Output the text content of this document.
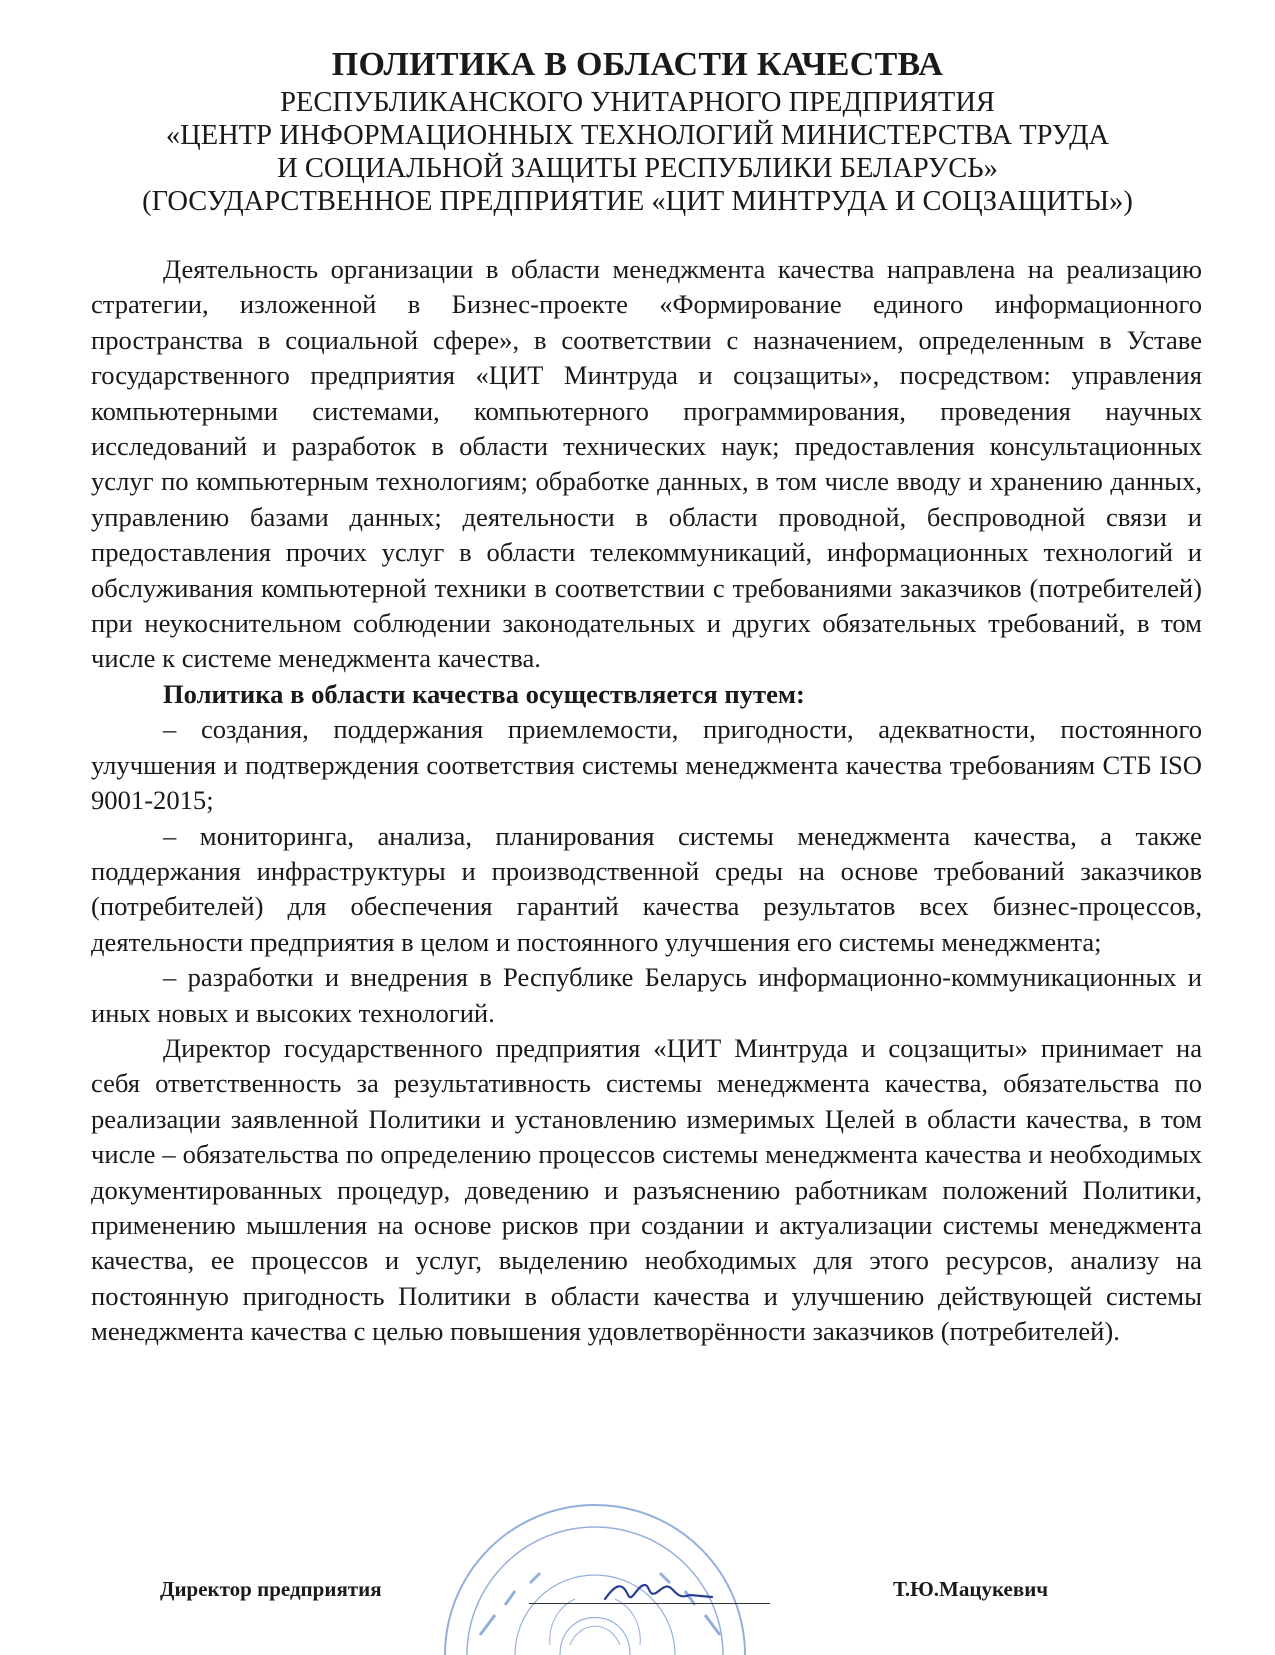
ПОЛИТИКА В ОБЛАСТИ КАЧЕСТВА
РЕСПУБЛИКАНСКОГО УНИТАРНОГО ПРЕДПРИЯТИЯ
«ЦЕНТР ИНФОРМАЦИОННЫХ ТЕХНОЛОГИЙ МИНИСТЕРСТВА ТРУДА
И СОЦИАЛЬНОЙ ЗАЩИТЫ РЕСПУБЛИКИ БЕЛАРУСЬ»
(ГОСУДАРСТВЕННОЕ ПРЕДПРИЯТИЕ «ЦИТ МИНТРУДА И СОЦЗАЩИТЫ»)

Деятельность организации в области менеджмента качества направлена на реализацию стратегии, изложенной в Бизнес-проекте «Формирование единого информационного пространства в социальной сфере», в соответствии с назначением, определенным в Уставе государственного предприятия «ЦИТ Минтруда и соцзащиты», посредством: управления компьютерными системами, компьютерного программирования, проведения научных исследований и разработок в области технических наук; предоставления консультационных услуг по компьютерным технологиям; обработке данных, в том числе вводу и хранению данных, управлению базами данных; деятельности в области проводной, беспроводной связи и предоставления прочих услуг в области телекоммуникаций, информационных технологий и обслуживания компьютерной техники в соответствии с требованиями заказчиков (потребителей) при неукоснительном соблюдении законодательных и других обязательных требований, в том числе к системе менеджмента качества.

Политика в области качества осуществляется путем:

– создания, поддержания приемлемости, пригодности, адекватности, постоянного улучшения и подтверждения соответствия системы менеджмента качества требованиям СТБ ISO 9001-2015;

– мониторинга, анализа, планирования системы менеджмента качества, а также поддержания инфраструктуры и производственной среды на основе требований заказчиков (потребителей) для обеспечения гарантий качества результатов всех бизнес-процессов, деятельности предприятия в целом и постоянного улучшения его системы менеджмента;

– разработки и внедрения в Республике Беларусь информационно-коммуникационных и иных новых и высоких технологий.

Директор государственного предприятия «ЦИТ Минтруда и соцзащиты» принимает на себя ответственность за результативность системы менеджмента качества, обязательства по реализации заявленной Политики и установлению измеримых Целей в области качества, в том числе – обязательства по определению процессов системы менеджмента качества и необходимых документированных процедур, доведению и разъяснению работникам положений Политики, применению мышления на основе рисков при создании и актуализации системы менеджмента качества, ее процессов и услуг, выделению необходимых для этого ресурсов, анализу на постоянную пригодность Политики в области качества и улучшению действующей системы менеджмента качества с целью повышения удовлетворённости заказчиков (потребителей).

Директор предприятия	Т.Ю.Мацукевич
